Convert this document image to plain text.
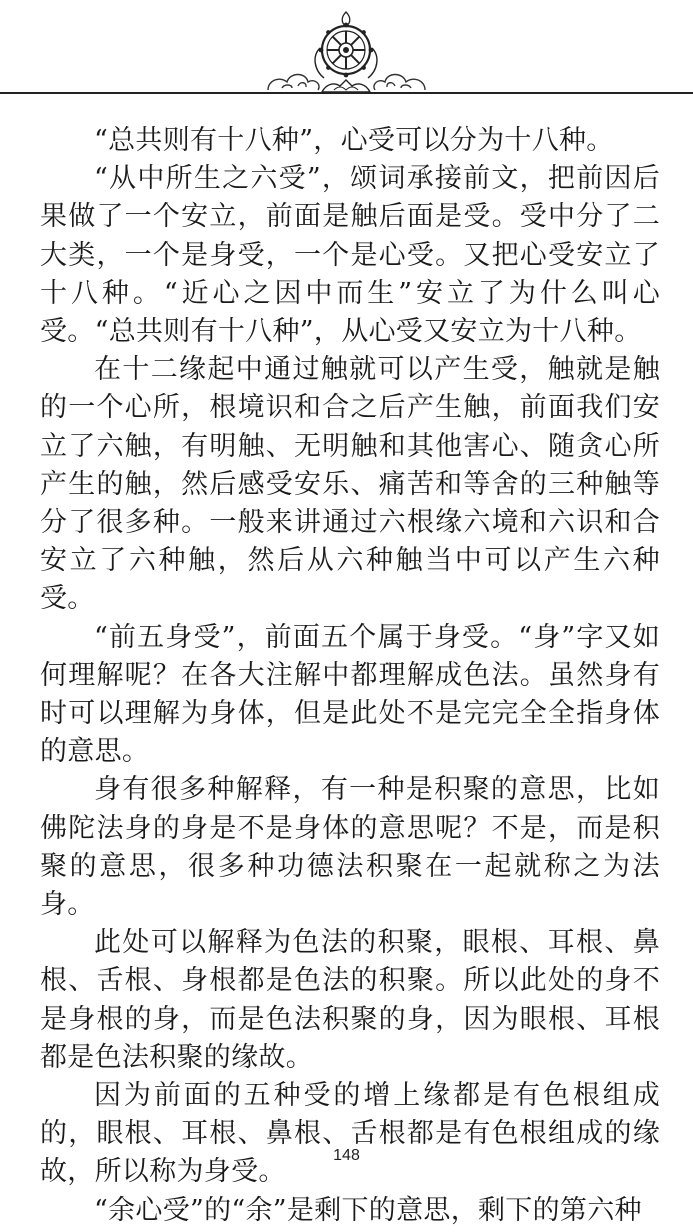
“总共则有十八种”，心受可以分为十八种。

“从中所生之六受”，颂词承接前文，把前因后果做了一个安立，前面是触后面是受。受中分了二大类，一个是身受，一个是心受。又把心受安立了十八种。“近心之因中而生”安立了为什么叫心受。“总共则有十八种”，从心受又安立为十八种。

在十二缘起中通过触就可以产生受，触就是触的一个心所，根境识和合之后产生触，前面我们安立了六触，有明触、无明触和其他害心、随贪心所产生的触，然后感受安乐、痛苦和等舍的三种触等分了很多种。一般来讲通过六根缘六境和六识和合安立了六种触，然后从六种触当中可以产生六种受。

“前五身受”，前面五个属于身受。“身”字又如何理解呢？在各大注解中都理解成色法。虽然身有时可以理解为身体，但是此处不是完完全全指身体的意思。

身有很多种解释，有一种是积聚的意思，比如佛陀法身的身是不是身体的意思呢？不是，而是积聚的意思，很多种功德法积聚在一起就称之为法身。

此处可以解释为色法的积聚，眼根、耳根、鼻根、舌根、身根都是色法的积聚。所以此处的身不是身根的身，而是色法积聚的身，因为眼根、耳根都是色法积聚的缘故。

因为前面的五种受的增上缘都是有色根组成的，眼根、耳根、鼻根、舌根都是有色根组成的缘故，所以称为身受。

“余心受”的“余”是剩下的意思，剩下的第六种

148
